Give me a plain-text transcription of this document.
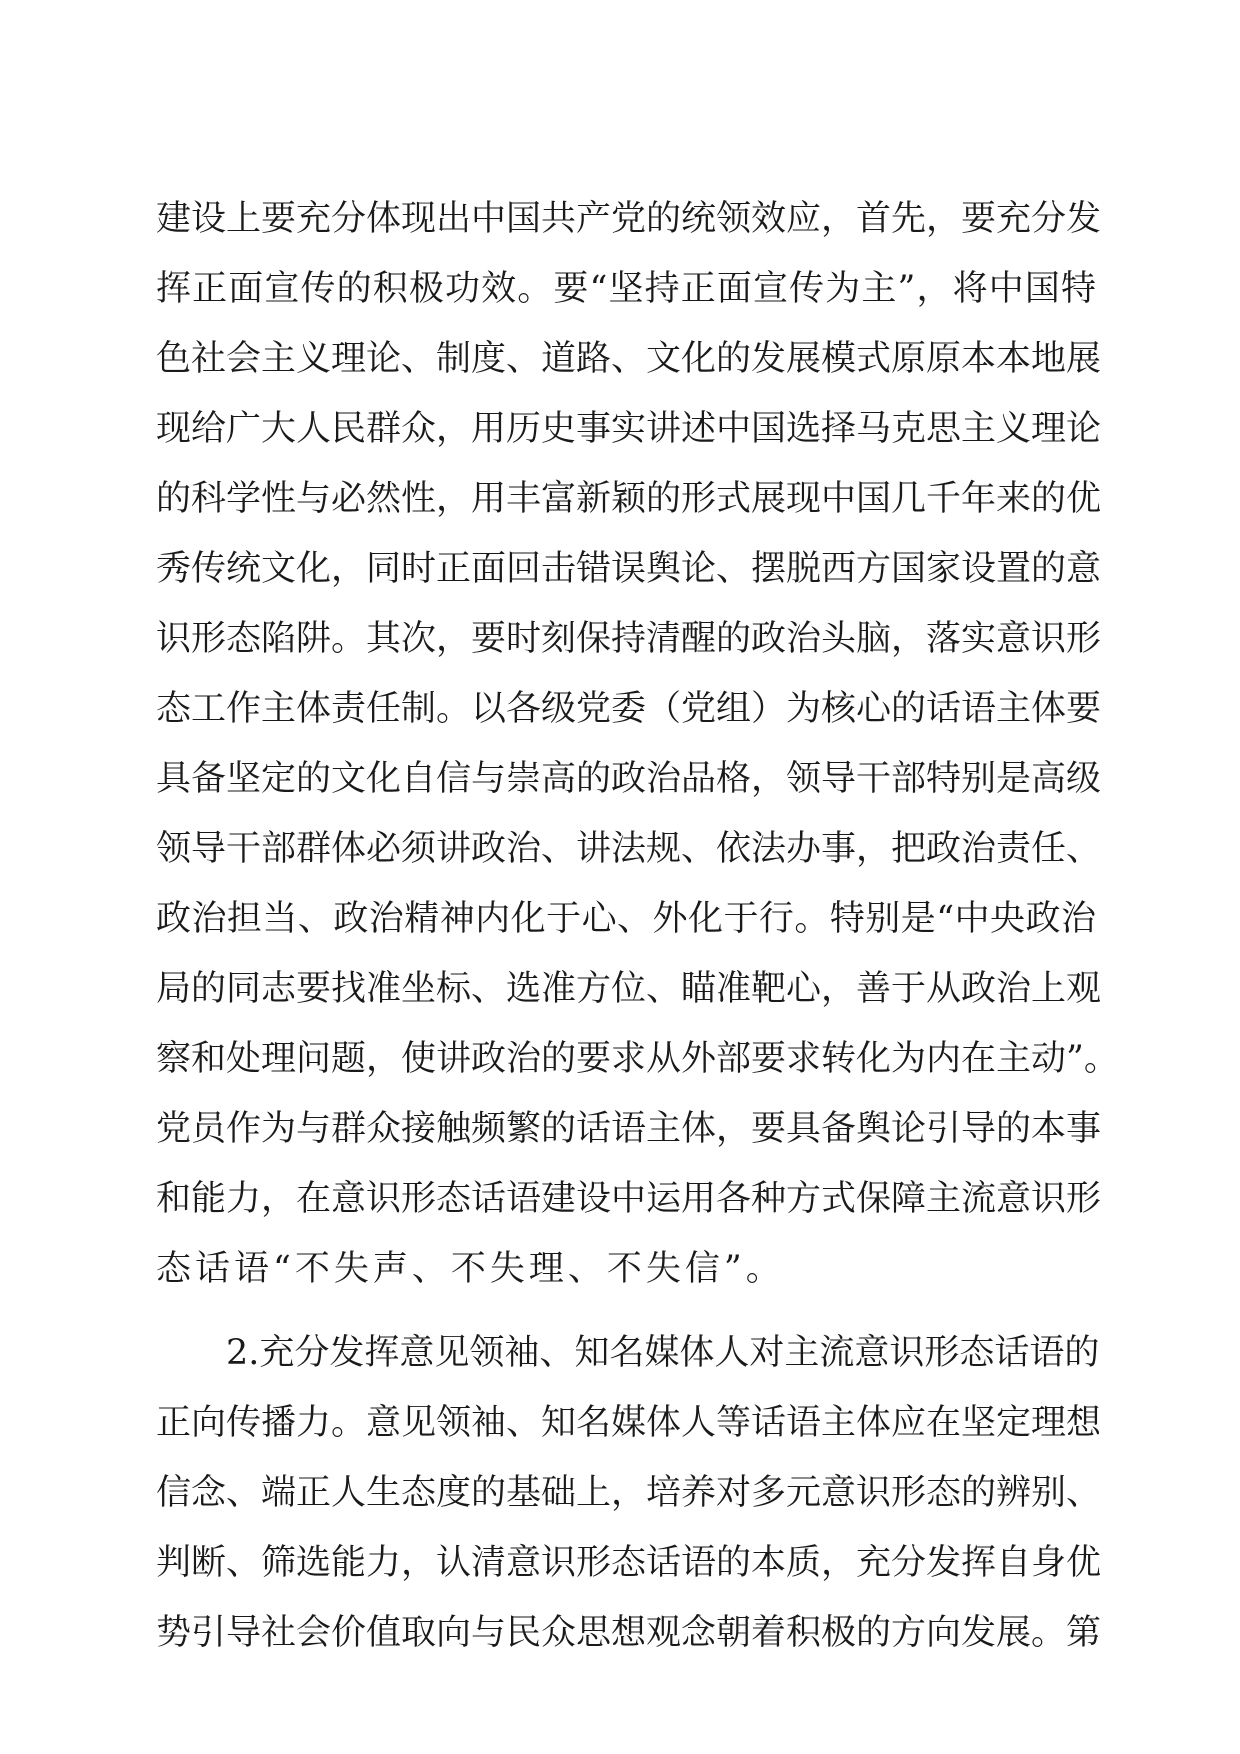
建设上要充分体现出中国共产党的统领效应，首先，要充分发
挥正面宣传的积极功效。要“坚持正面宣传为主”，将中国特
色社会主义理论、制度、道路、文化的发展模式原原本本地展
现给广大人民群众，用历史事实讲述中国选择马克思主义理论
的科学性与必然性，用丰富新颖的形式展现中国几千年来的优
秀传统文化，同时正面回击错误舆论、摆脱西方国家设置的意
识形态陷阱。其次，要时刻保持清醒的政治头脑，落实意识形
态工作主体责任制。以各级党委（党组）为核心的话语主体要
具备坚定的文化自信与崇高的政治品格，领导干部特别是高级
领导干部群体必须讲政治、讲法规、依法办事，把政治责任、
政治担当、政治精神内化于心、外化于行。特别是“中央政治
局的同志要找准坐标、选准方位、瞄准靶心，善于从政治上观
察和处理问题，使讲政治的要求从外部要求转化为内在主动”。
党员作为与群众接触频繁的话语主体，要具备舆论引导的本事
和能力，在意识形态话语建设中运用各种方式保障主流意识形
态话语“不失声、不失理、不失信”。
2.充分发挥意见领袖、知名媒体人对主流意识形态话语的
正向传播力。意见领袖、知名媒体人等话语主体应在坚定理想
信念、端正人生态度的基础上，培养对多元意识形态的辨别、
判断、筛选能力，认清意识形态话语的本质，充分发挥自身优
势引导社会价值取向与民众思想观念朝着积极的方向发展。第
